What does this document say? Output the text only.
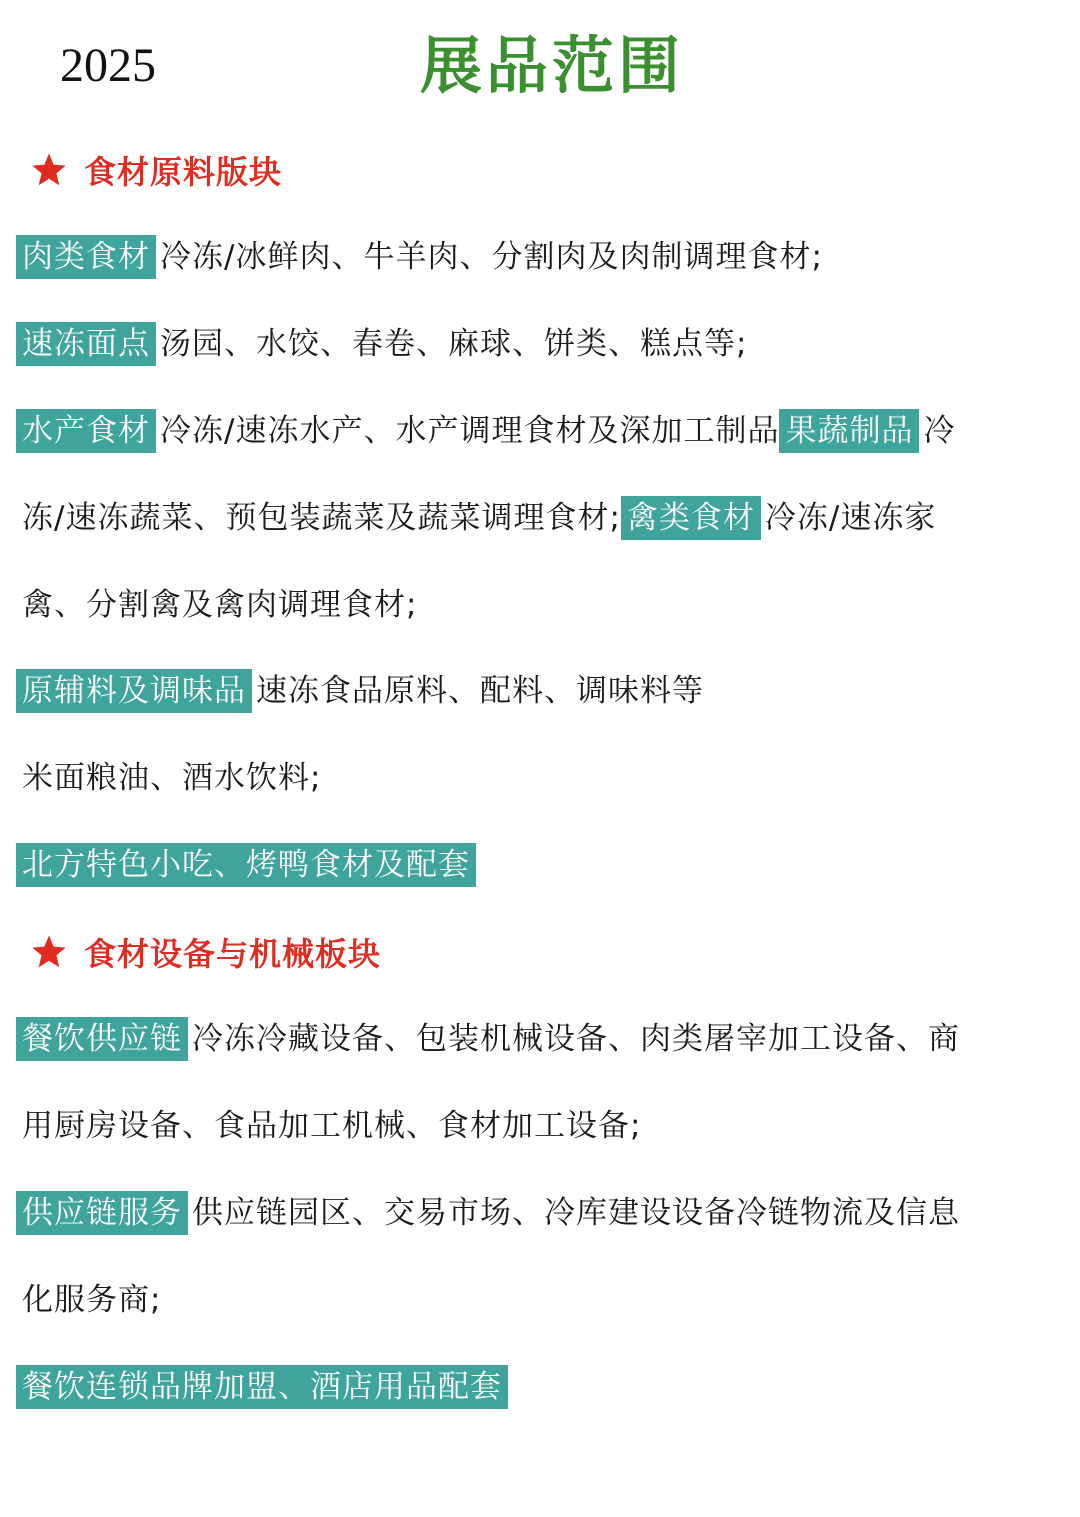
2025	展品范围
食材原料版块
肉类食材 冷冻/冰鲜肉、牛羊肉、分割肉及肉制调理食材;
速冻面点 汤园、水饺、春卷、麻球、饼类、糕点等;
水产食材 冷冻/速冻水产、水产调理食材及深加工制品 果蔬制品 冷
冻/速冻蔬菜、预包装蔬菜及蔬菜调理食材; 禽类食材 冷冻/速冻家
禽、分割禽及禽肉调理食材;
原辅料及调味品 速冻食品原料、配料、调味料等
米面粮油、酒水饮料;
北方特色小吃、烤鸭食材及配套
食材设备与机械板块
餐饮供应链 冷冻冷藏设备、包装机械设备、肉类屠宰加工设备、商
用厨房设备、食品加工机械、食材加工设备;
供应链服务 供应链园区、交易市场、冷库建设设备冷链物流及信息
化服务商;
餐饮连锁品牌加盟、酒店用品配套
